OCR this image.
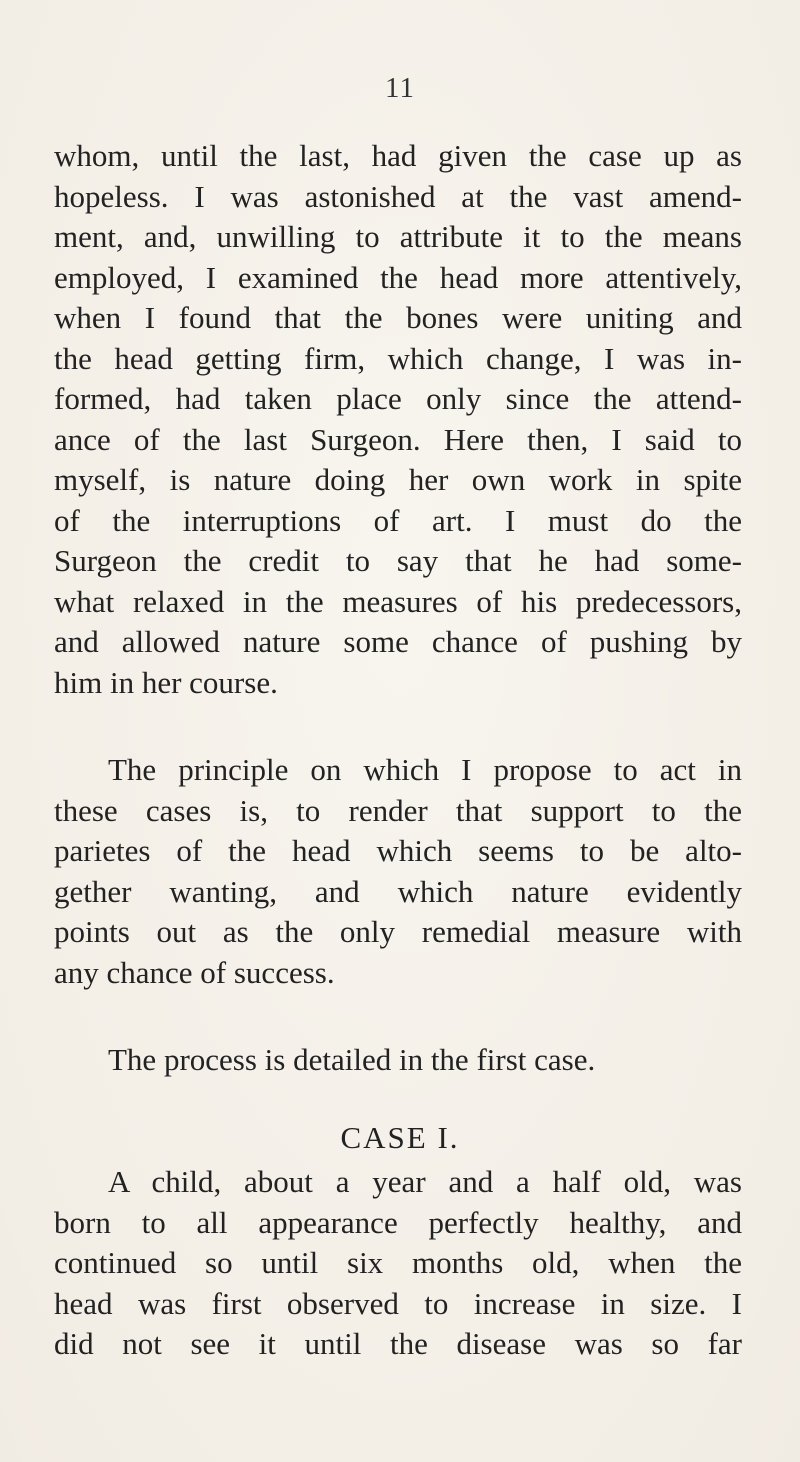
11
whom, until the last, had given the case up as
hopeless. I was astonished at the vast amend-
ment, and, unwilling to attribute it to the means
employed, I examined the head more attentively,
when I found that the bones were uniting and
the head getting firm, which change, I was in-
formed, had taken place only since the attend-
ance of the last Surgeon. Here then, I said to
myself, is nature doing her own work in spite
of the interruptions of art. I must do the
Surgeon the credit to say that he had some-
what relaxed in the measures of his predecessors,
and allowed nature some chance of pushing by
him in her course.
The principle on which I propose to act in
these cases is, to render that support to the
parietes of the head which seems to be alto-
gether wanting, and which nature evidently
points out as the only remedial measure with
any chance of success.
The process is detailed in the first case.
CASE I.
A child, about a year and a half old, was
born to all appearance perfectly healthy, and
continued so until six months old, when the
head was first observed to increase in size. I
did not see it until the disease was so far
